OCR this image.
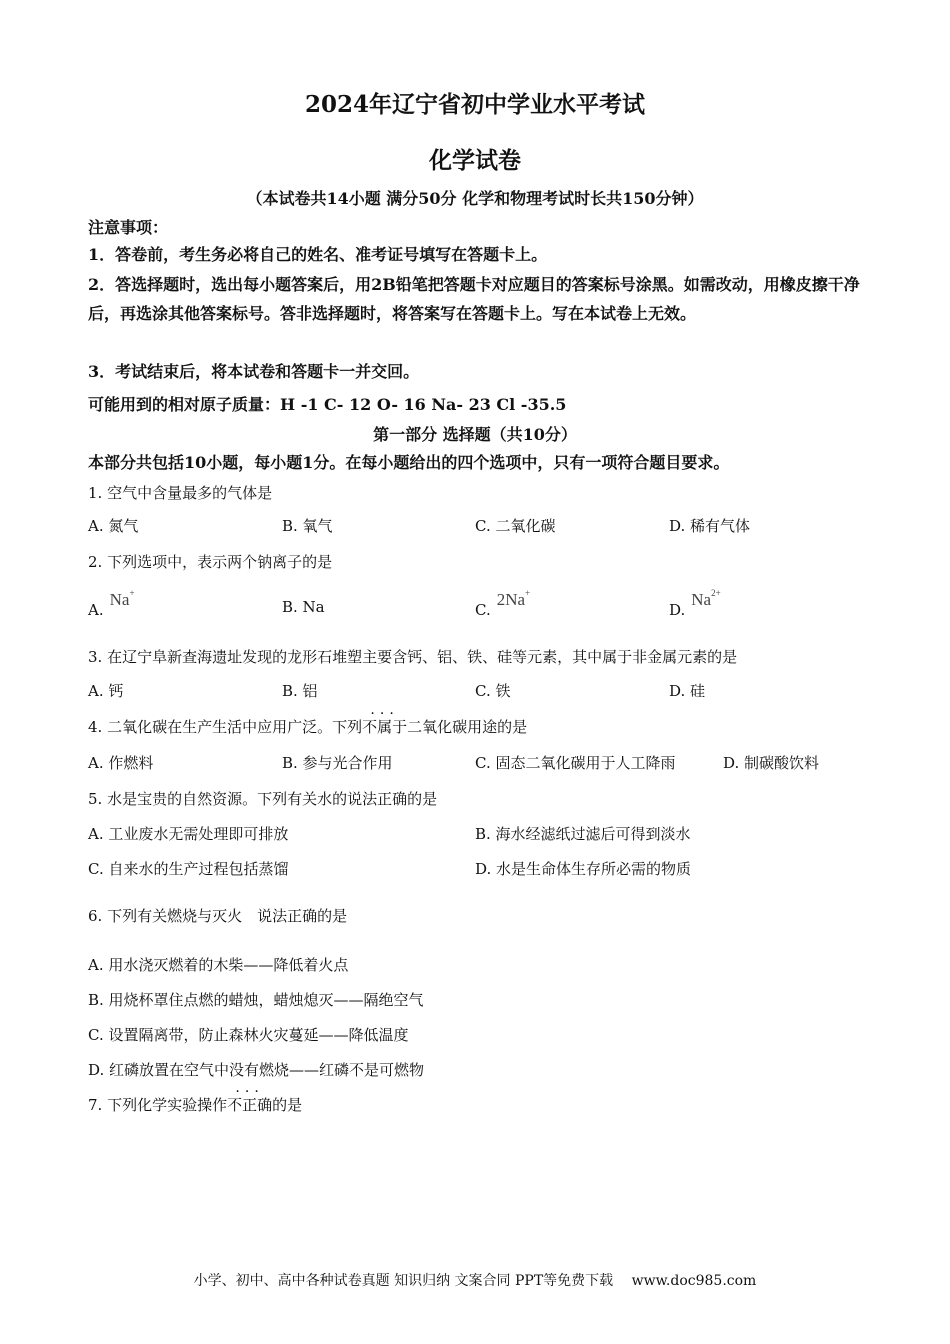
2024年辽宁省初中学业水平考试
化学试卷
（本试卷共14小题 满分50分 化学和物理考试时长共150分钟）
注意事项：
1．答卷前，考生务必将自己的姓名、准考证号填写在答题卡上。
2．答选择题时，选出每小题答案后，用2B铅笔把答题卡对应题目的答案标号涂黑。如需改动，用橡皮擦干净后，再选涂其他答案标号。答非选择题时，将答案写在答题卡上。写在本试卷上无效。
3．考试结束后，将本试卷和答题卡一并交回。
可能用到的相对原子质量：H -1 C- 12 O- 16 Na- 23 Cl -35.5
第一部分 选择题（共10分）
本部分共包括10小题，每小题1分。在每小题给出的四个选项中，只有一项符合题目要求。
1. 空气中含量最多的气体是
A. 氮气	B. 氧气	C. 二氧化碳	D. 稀有气体
2. 下列选项中，表示两个钠离子的是
A.Na+
B. Na	C.2Na+
$D.Na^{2+}$
3. 在辽宁阜新查海遗址发现的龙形石堆塑主要含钙、铝、铁、硅等元素，其中属于非金属元素的是
A. 钙	B. 铝	C. 铁	D. 硅
4. 二氧化碳在生产生活中应用广泛。下列不属于 ···二氧化碳用途的是
A. 作燃料	B. 参与光合作用	C. 固态二氧化碳用于人工降雨	D. 制碳酸饮料
5. 水是宝贵的自然资源。下列有关水的说法正确的是
A. 工业废水无需处理即可排放	B. 海水经滤纸过滤后可得到淡水
C. 自来水的生产过程包括蒸馏	D. 水是生命体生存所必需的物质
6. 下列有关燃烧与灭火　说法正确的是
A. 用水浇灭燃着的木柴——降低着火点
B. 用烧杯罩住点燃的蜡烛，蜡烛熄灭——隔绝空气
C. 设置隔离带，防止森林火灾蔓延——降低温度
D. 红磷放置在空气中没有燃烧——红磷不是可燃物
7. 下列化学实验操作不正确 ···的是
小学、初中、高中各种试卷真题 知识归纳 文案合同 PPT等免费下载　 www.doc985.com
